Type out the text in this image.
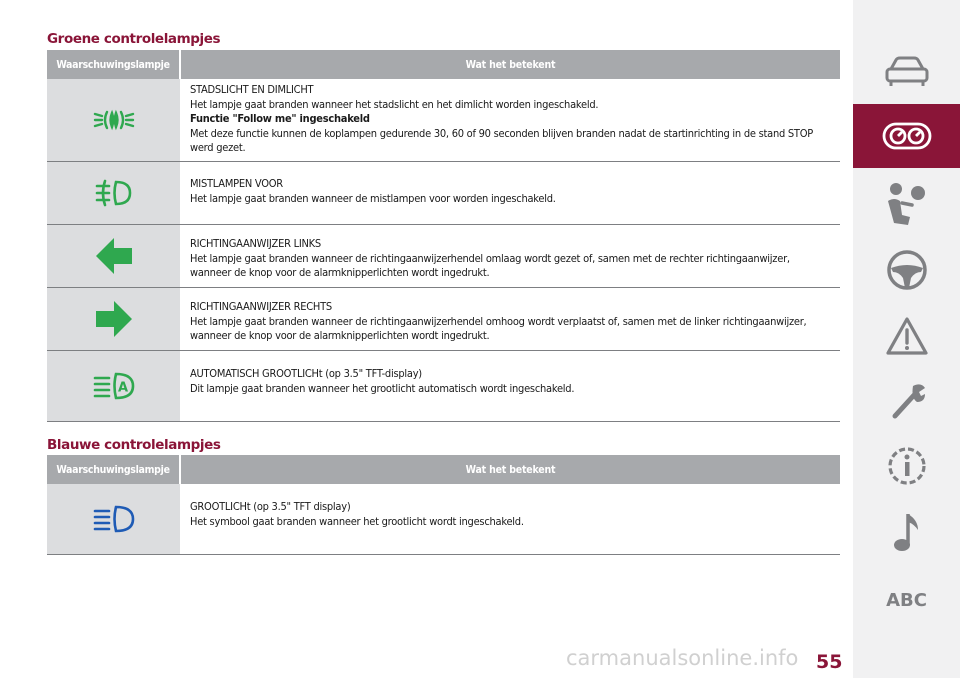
Groene controlelampjes
Waarschuwingslampje	Wat het betekent

STADSLICHT EN DIMLICHT

Het lampje gaat branden wanneer het stadslicht en het dimlicht worden ingeschakeld.

Functie "Follow me" ingeschakeld

Met deze functie kunnen de koplampen gedurende 30, 60 of 90 seconden blijven branden nadat de startinrichting in de stand STOP werd gezet.

MISTLAMPEN VOOR

Het lampje gaat branden wanneer de mistlampen voor worden ingeschakeld.

RICHTINGAANWIJZER LINKS

Het lampje gaat branden wanneer de richtingaanwijzerhendel omlaag wordt gezet of, samen met de rechter richtingaanwijzer, wanneer de knop voor de alarmknipperlichten wordt ingedrukt.

RICHTINGAANWIJZER RECHTS

Het lampje gaat branden wanneer de richtingaanwijzerhendel omhoog wordt verplaatst of, samen met de linker richtingaanwijzer, wanneer de knop voor de alarmknipperlichten wordt ingedrukt.

A

AUTOMATISCH GROOTLICHt (op 3.5" TFT-display)

Dit lampje gaat branden wanneer het grootlicht automatisch wordt ingeschakeld.

Blauwe controlelampjes
Waarschuwingslampje	Wat het betekent

GROOTLICHt (op 3.5" TFT display)

Het symbool gaat branden wanneer het grootlicht wordt ingeschakeld.

ABC
carmanualsonline.info 55
